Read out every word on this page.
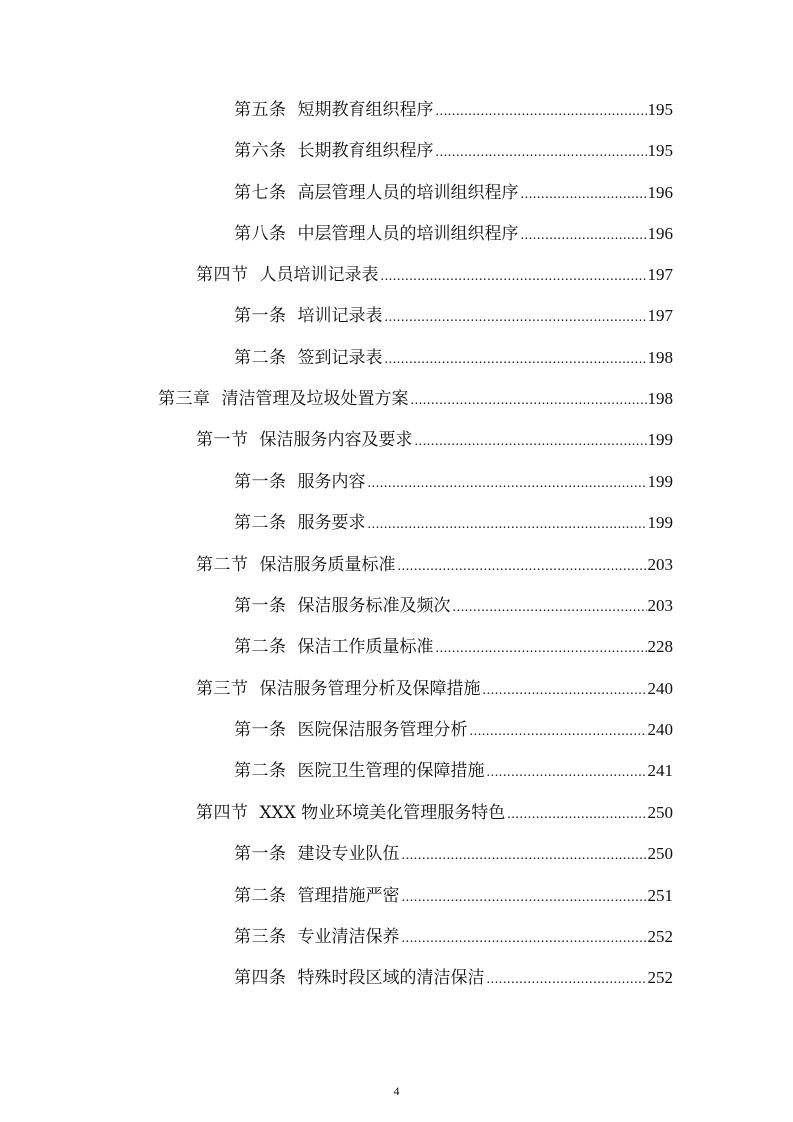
第五条 短期教育组织程序 .....	195
第六条 长期教育组织程序 .....	195
第七条 高层管理人员的培训组织程序 .....	196
第八条 中层管理人员的培训组织程序 .....	196
第四节 人员培训记录表 .....	197
第一条 培训记录表 .....	197
第二条 签到记录表 .....	198
第三章 清洁管理及垃圾处置方案 .....	198
第一节 保洁服务内容及要求 .....	199
第一条 服务内容 .....	199
第二条 服务要求 .....	199
第二节 保洁服务质量标准 .....	203
第一条 保洁服务标准及频次 .....	203
第二条 保洁工作质量标准 .....	228
第三节 保洁服务管理分析及保障措施 .....	240
第一条 医院保洁服务管理分析 .....	240
第二条 医院卫生管理的保障措施 .....	241
第四节 XXX 物业环境美化管理服务特色 .....	250
第一条 建设专业队伍 .....	250
第二条 管理措施严密 .....	251
第三条 专业清洁保养 .....	252
第四条 特殊时段区域的清洁保洁 .....	252
4
